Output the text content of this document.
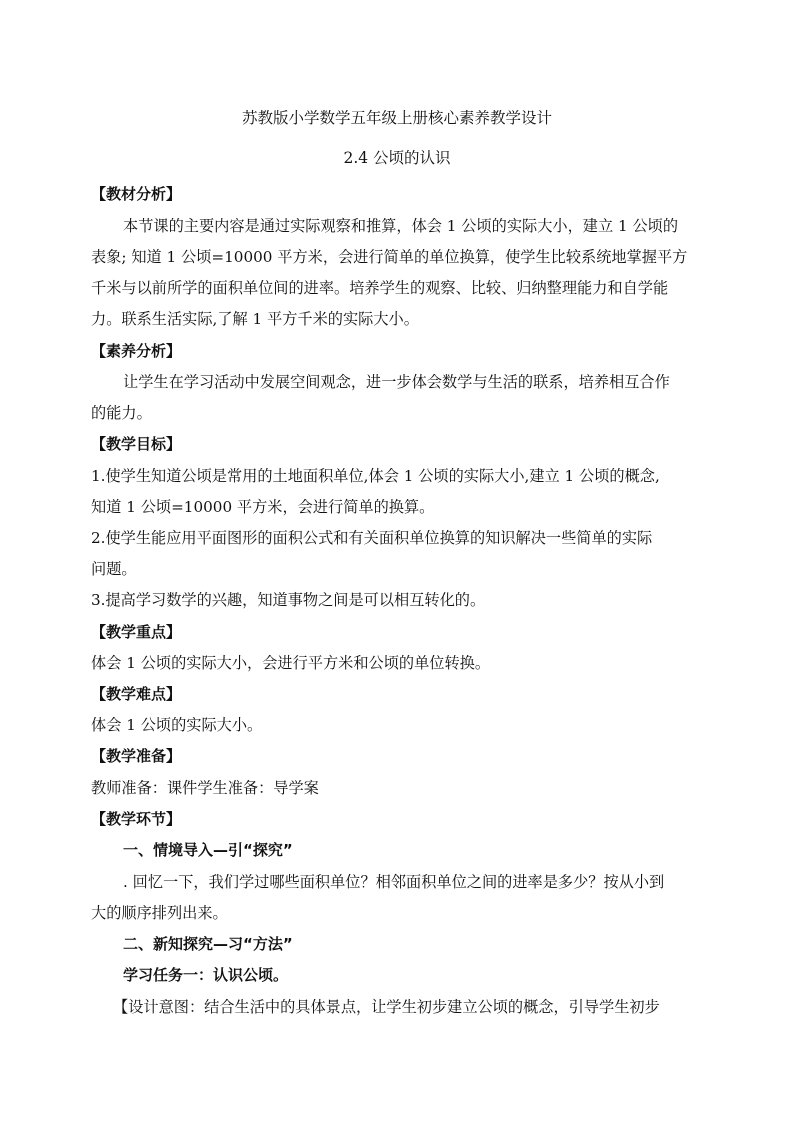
苏教版小学数学五年级上册核心素养教学设计
2.4 公顷的认识
【教材分析】
本节课的主要内容是通过实际观察和推算，体会 1 公顷的实际大小，建立 1 公顷的
表象; 知道 1 公顷=10000 平方米，会进行简单的单位换算，使学生比较系统地掌握平方
千米与以前所学的面积单位间的进率。培养学生的观察、比较、归纳整理能力和自学能
力。联系生活实际,了解 1 平方千米的实际大小。
【素养分析】
让学生在学习活动中发展空间观念，进一步体会数学与生活的联系，培养相互合作
的能力。
【教学目标】
1.使学生知道公顷是常用的土地面积单位,体会 1 公顷的实际大小,建立 1 公顷的概念,
知道 1 公顷=10000 平方米，会进行简单的换算。
2.使学生能应用平面图形的面积公式和有关面积单位换算的知识解决一些简单的实际
问题。
3.提高学习数学的兴趣，知道事物之间是可以相互转化的。
【教学重点】
体会 1 公顷的实际大小，会进行平方米和公顷的单位转换。
【教学难点】
体会 1 公顷的实际大小。
【教学准备】
教师准备：课件学生准备：导学案
【教学环节】
一、情境导入—引“探究”
. 回忆一下，我们学过哪些面积单位？相邻面积单位之间的进率是多少？按从小到
大的顺序排列出来。
二、新知探究—习“方法”
学习任务一：认识公顷。
【设计意图：结合生活中的具体景点，让学生初步建立公顷的概念，引导学生初步
